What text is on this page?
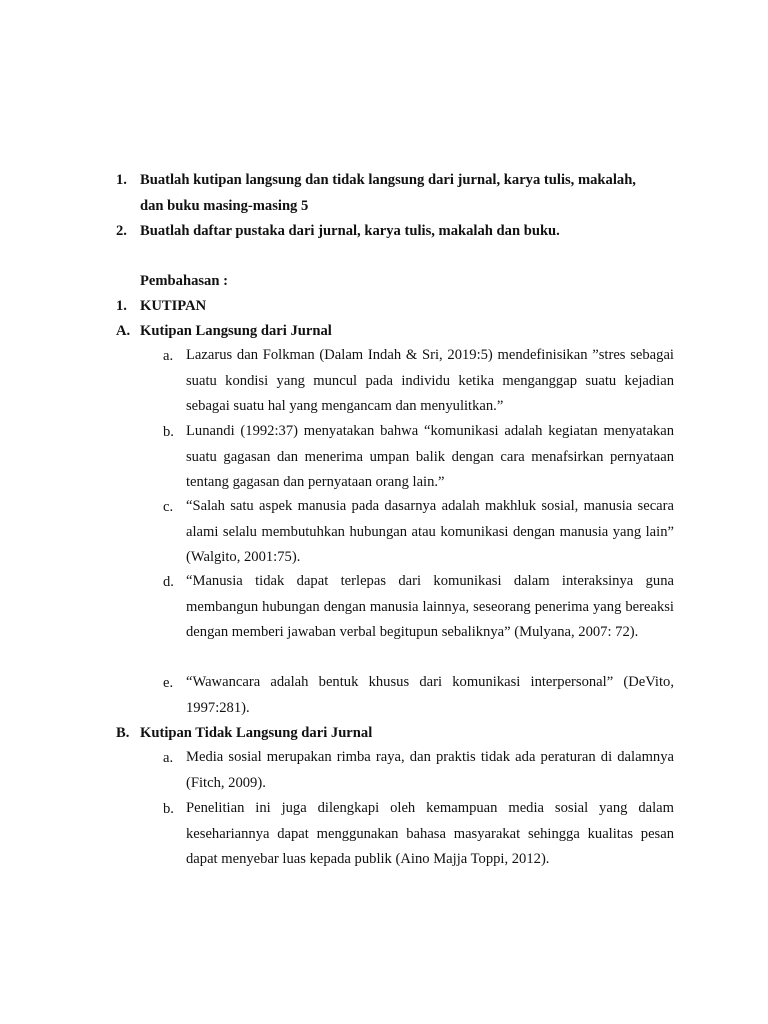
1. Buatlah kutipan langsung dan tidak langsung dari jurnal, karya tulis, makalah,
dan buku masing-masing 5
2. Buatlah daftar pustaka dari jurnal, karya tulis, makalah dan buku.
Pembahasan :
1. KUTIPAN
A. Kutipan Langsung dari Jurnal
a. Lazarus dan Folkman (Dalam Indah & Sri, 2019:5) mendefinisikan ”stres sebagai suatu kondisi yang muncul pada individu ketika menganggap suatu kejadian sebagai suatu hal yang mengancam dan menyulitkan.”
b. Lunandi (1992:37) menyatakan bahwa “komunikasi adalah kegiatan menyatakan suatu gagasan dan menerima umpan balik dengan cara menafsirkan pernyataan tentang gagasan dan pernyataan orang lain.”
c. “Salah satu aspek manusia pada dasarnya adalah makhluk sosial, manusia secara alami selalu membutuhkan hubungan atau komunikasi dengan manusia yang lain” (Walgito, 2001:75).
d. “Manusia tidak dapat terlepas dari komunikasi dalam interaksinya guna membangun hubungan dengan manusia lainnya, seseorang penerima yang bereaksi dengan memberi jawaban verbal begitupun sebaliknya” (Mulyana, 2007: 72).
e. “Wawancara adalah bentuk khusus dari komunikasi interpersonal” (DeVito, 1997:281).
B. Kutipan Tidak Langsung dari Jurnal
a. Media sosial merupakan rimba raya, dan praktis tidak ada peraturan di dalamnya (Fitch, 2009).
b. Penelitian ini juga dilengkapi oleh kemampuan media sosial yang dalam kesehariannya dapat menggunakan bahasa masyarakat sehingga kualitas pesan dapat menyebar luas kepada publik (Aino Majja Toppi, 2012).
